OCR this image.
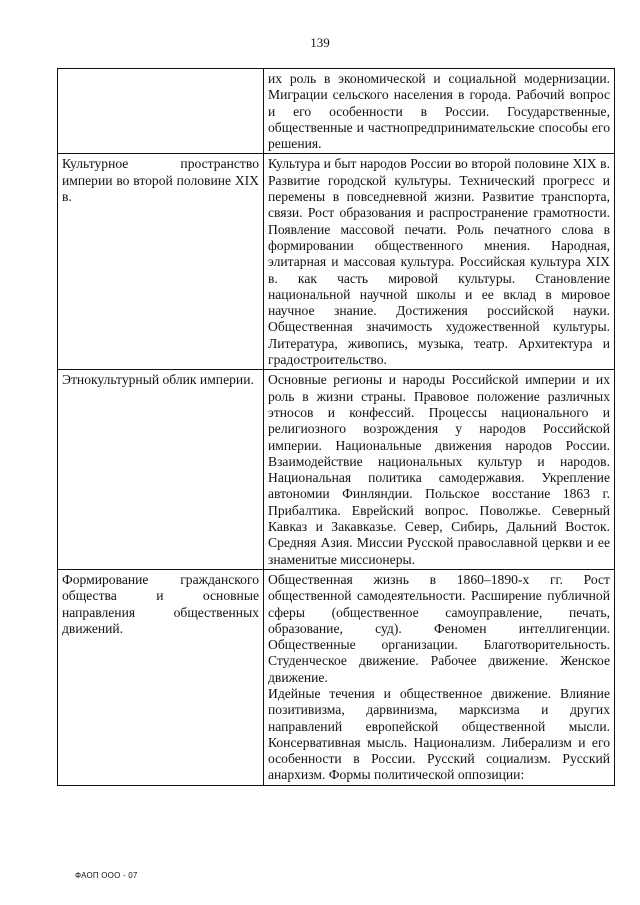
139

	их роль в экономической и социальной модернизации. Миграции сельского населения в города. Рабочий вопрос и его особенности в России. Государственные, общественные и частнопредпринимательские способы его решения.

Культурное пространство империи во второй половине XIX в.	Культура и быт народов России во второй половине XIX в. Развитие городской культуры. Технический прогресс и перемены в повседневной жизни. Развитие транспорта, связи. Рост образования и распространение грамотности. Появление массовой печати. Роль печатного слова в формировании общественного мнения. Народная, элитарная и массовая культура. Российская культура XIX в. как часть мировой культуры. Становление национальной научной школы и ее вклад в мировое научное знание. Достижения российской науки. Общественная значимость художественной культуры. Литература, живопись, музыка, театр. Архитектура и градостроительство.

Этнокультурный облик империи.	Основные регионы и народы Российской империи и их роль в жизни страны. Правовое положение различных этносов и конфессий. Процессы национального и религиозного возрождения у народов Российской империи. Национальные движения народов России. Взаимодействие национальных культур и народов. Национальная политика самодержавия. Укрепление автономии Финляндии. Польское восстание 1863 г. Прибалтика. Еврейский вопрос. Поволжье. Северный Кавказ и Закавказье. Север, Сибирь, Дальний Восток. Средняя Азия. Миссии Русской православной церкви и ее знаменитые миссионеры.

Формирование гражданского общества и основные направления общественных движений.	Общественная жизнь в 1860–1890-х гг. Рост общественной самодеятельности. Расширение публичной сферы (общественное самоуправление, печать, образование, суд). Феномен интеллигенции. Общественные организации. Благотворительность. Студенческое движение. Рабочее движение. Женское движение.
Идейные течения и общественное движение. Влияние позитивизма, дарвинизма, марксизма и других направлений европейской общественной мысли. Консервативная мысль. Национализм. Либерализм и его особенности в России. Русский социализм. Русский анархизм. Формы политической оппозиции:
ФАОП ООО - 07
